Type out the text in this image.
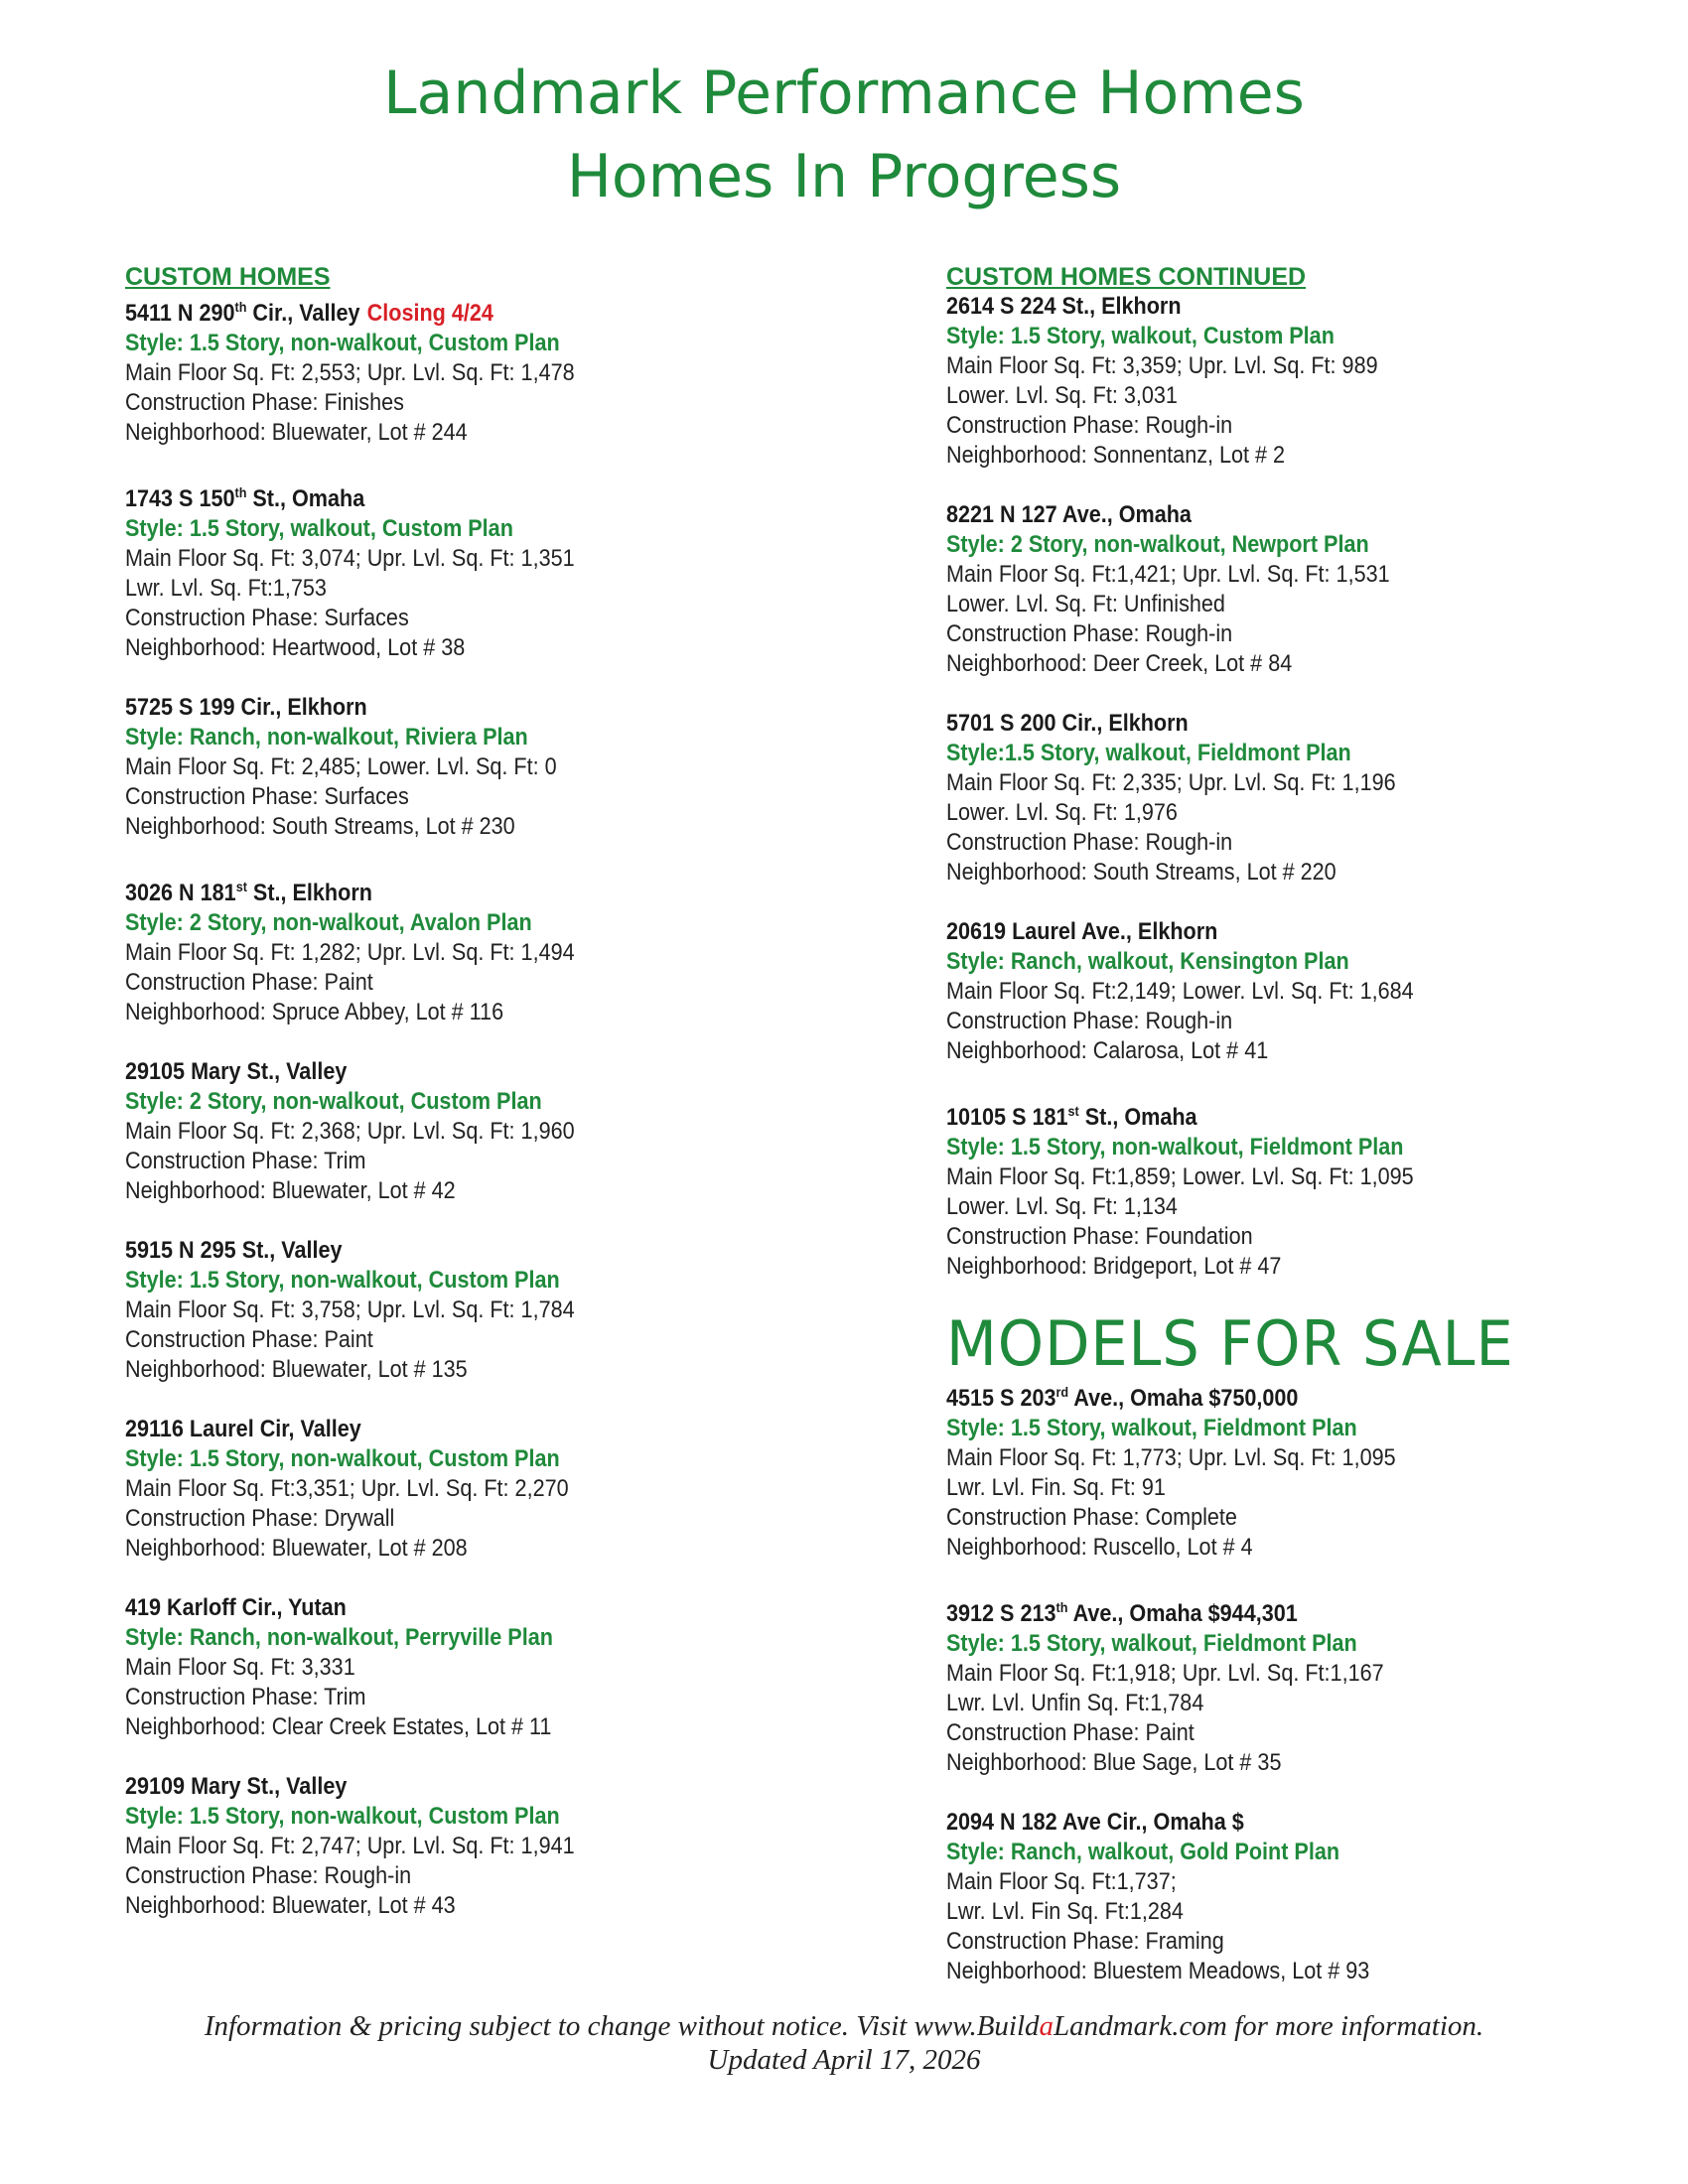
Landmark Performance Homes
Homes In Progress
CUSTOM HOMES
5411 N 290th Cir., Valley Closing 4/24
Style: 1.5 Story, non-walkout, Custom Plan
Main Floor Sq. Ft: 2,553; Upr. Lvl. Sq. Ft: 1,478
Construction Phase: Finishes
Neighborhood: Bluewater, Lot # 244
1743 S 150th St., Omaha
Style: 1.5 Story, walkout, Custom Plan
Main Floor Sq. Ft: 3,074; Upr. Lvl. Sq. Ft: 1,351
Lwr. Lvl. Sq. Ft:1,753
Construction Phase: Surfaces
Neighborhood: Heartwood, Lot # 38
5725 S 199 Cir., Elkhorn
Style: Ranch, non-walkout, Riviera Plan
Main Floor Sq. Ft: 2,485; Lower. Lvl. Sq. Ft: 0
Construction Phase: Surfaces
Neighborhood: South Streams, Lot # 230
3026 N 181st St., Elkhorn
Style: 2 Story, non-walkout, Avalon Plan
Main Floor Sq. Ft: 1,282; Upr. Lvl. Sq. Ft: 1,494
Construction Phase: Paint
Neighborhood: Spruce Abbey, Lot # 116
29105 Mary St., Valley
Style: 2 Story, non-walkout, Custom Plan
Main Floor Sq. Ft: 2,368; Upr. Lvl. Sq. Ft: 1,960
Construction Phase: Trim
Neighborhood: Bluewater, Lot # 42
5915 N 295 St., Valley
Style: 1.5 Story, non-walkout, Custom Plan
Main Floor Sq. Ft: 3,758; Upr. Lvl. Sq. Ft: 1,784
Construction Phase: Paint
Neighborhood: Bluewater, Lot # 135
29116 Laurel Cir, Valley
Style: 1.5 Story, non-walkout, Custom Plan
Main Floor Sq. Ft:3,351; Upr. Lvl. Sq. Ft: 2,270
Construction Phase: Drywall
Neighborhood: Bluewater, Lot # 208
419 Karloff Cir., Yutan
Style: Ranch, non-walkout, Perryville Plan
Main Floor Sq. Ft: 3,331
Construction Phase: Trim
Neighborhood: Clear Creek Estates, Lot # 11
29109 Mary St., Valley
Style: 1.5 Story, non-walkout, Custom Plan
Main Floor Sq. Ft: 2,747; Upr. Lvl. Sq. Ft: 1,941
Construction Phase: Rough-in
Neighborhood: Bluewater, Lot # 43
CUSTOM HOMES CONTINUED
2614 S 224 St., Elkhorn
Style: 1.5 Story, walkout, Custom Plan
Main Floor Sq. Ft: 3,359; Upr. Lvl. Sq. Ft: 989
Lower. Lvl. Sq. Ft: 3,031
Construction Phase: Rough-in
Neighborhood: Sonnentanz, Lot # 2
8221 N 127 Ave., Omaha
Style: 2 Story, non-walkout, Newport Plan
Main Floor Sq. Ft:1,421; Upr. Lvl. Sq. Ft: 1,531
Lower. Lvl. Sq. Ft: Unfinished
Construction Phase: Rough-in
Neighborhood: Deer Creek, Lot # 84
5701 S 200 Cir., Elkhorn
Style:1.5 Story, walkout, Fieldmont Plan
Main Floor Sq. Ft: 2,335; Upr. Lvl. Sq. Ft: 1,196
Lower. Lvl. Sq. Ft: 1,976
Construction Phase: Rough-in
Neighborhood: South Streams, Lot # 220
20619 Laurel Ave., Elkhorn
Style: Ranch, walkout, Kensington Plan
Main Floor Sq. Ft:2,149; Lower. Lvl. Sq. Ft: 1,684
Construction Phase: Rough-in
Neighborhood: Calarosa, Lot # 41
10105 S 181st St., Omaha
Style: 1.5 Story, non-walkout, Fieldmont Plan
Main Floor Sq. Ft:1,859; Lower. Lvl. Sq. Ft: 1,095
Lower. Lvl. Sq. Ft: 1,134
Construction Phase: Foundation
Neighborhood: Bridgeport, Lot # 47
MODELS FOR SALE
4515 S 203rd Ave., Omaha $750,000
Style: 1.5 Story, walkout, Fieldmont Plan
Main Floor Sq. Ft: 1,773; Upr. Lvl. Sq. Ft: 1,095
Lwr. Lvl. Fin. Sq. Ft: 91
Construction Phase: Complete
Neighborhood: Ruscello, Lot # 4
3912 S 213th Ave., Omaha $944,301
Style: 1.5 Story, walkout, Fieldmont Plan
Main Floor Sq. Ft:1,918; Upr. Lvl. Sq. Ft:1,167
Lwr. Lvl. Unfin Sq. Ft:1,784
Construction Phase: Paint
Neighborhood: Blue Sage, Lot # 35
2094 N 182 Ave Cir., Omaha $
Style: Ranch, walkout, Gold Point Plan
Main Floor Sq. Ft:1,737;
Lwr. Lvl. Fin Sq. Ft:1,284
Construction Phase: Framing
Neighborhood: Bluestem Meadows, Lot # 93
Information & pricing subject to change without notice. Visit www.BuildaLandmark.com for more information.
Updated April 17, 2026
